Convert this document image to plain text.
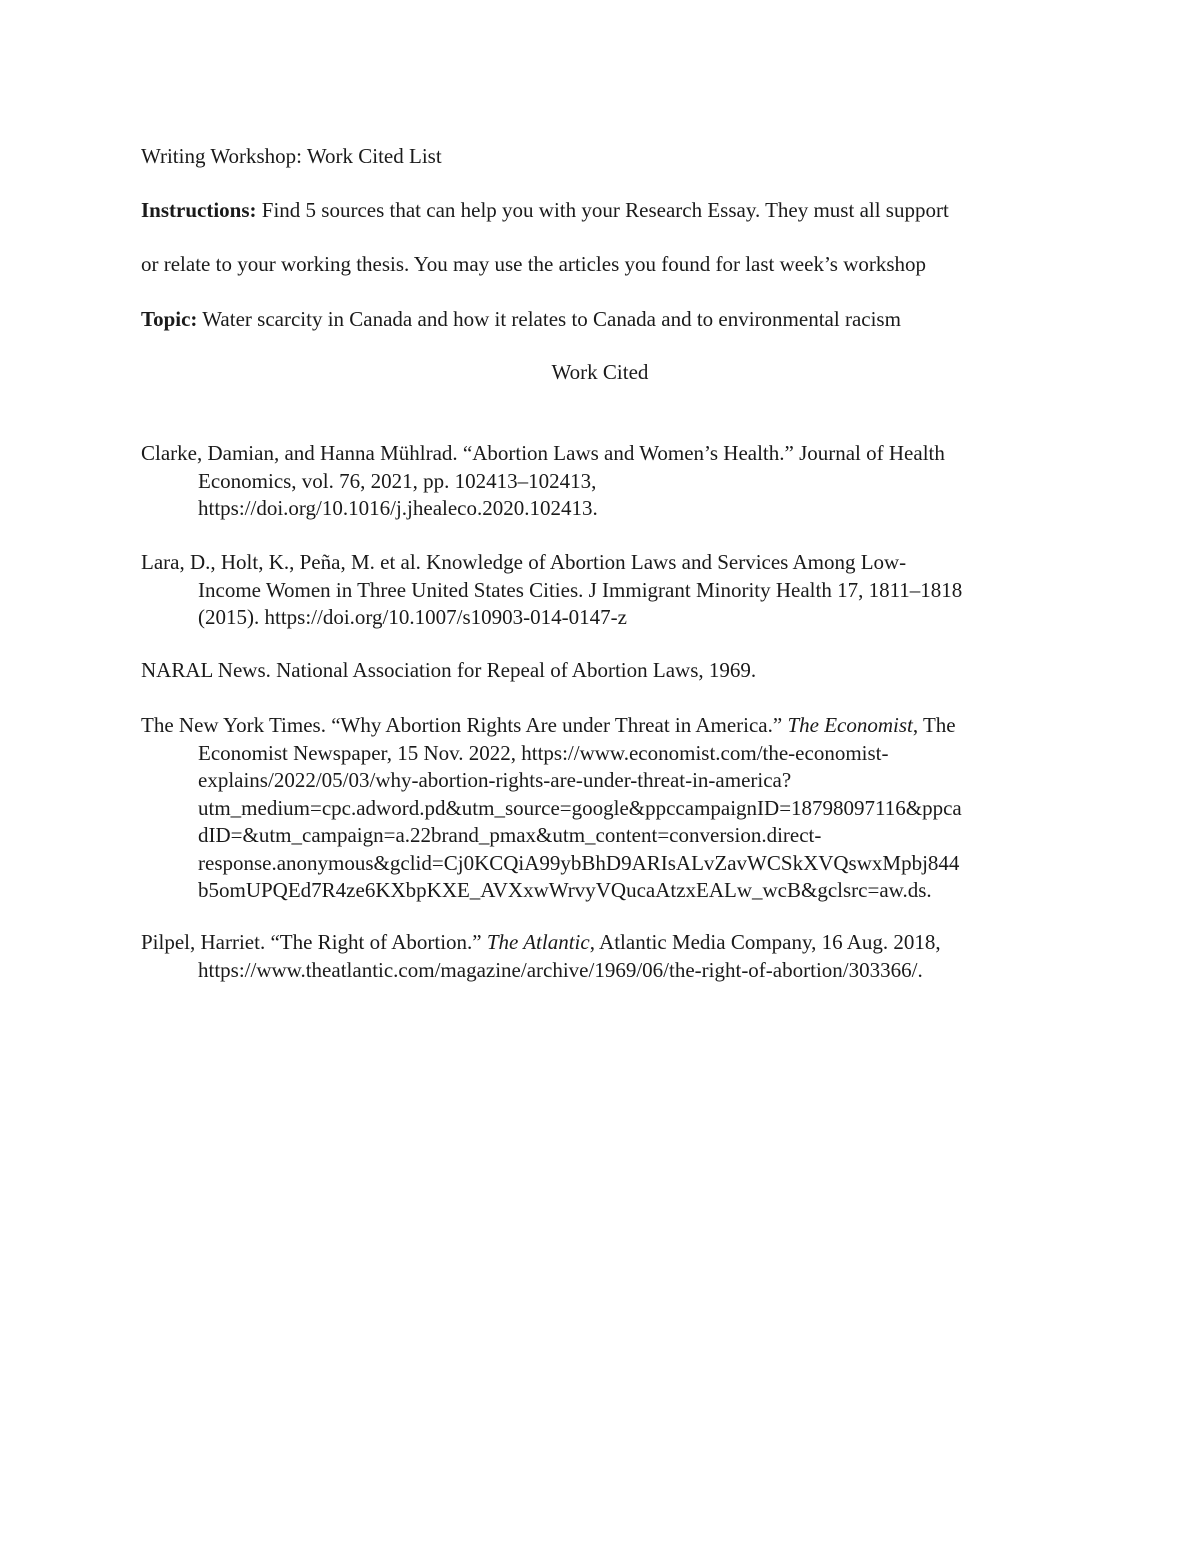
Writing Workshop: Work Cited List
Instructions: Find 5 sources that can help you with your Research Essay. They must all support
or relate to your working thesis. You may use the articles you found for last week’s workshop
Topic: Water scarcity in Canada and how it relates to Canada and to environmental racism
Work Cited
Clarke, Damian, and Hanna Mühlrad. “Abortion Laws and Women’s Health.” Journal of Health
Economics, vol. 76, 2021, pp. 102413–102413,
https://doi.org/10.1016/j.jhealeco.2020.102413.
Lara, D., Holt, K., Peña, M. et al. Knowledge of Abortion Laws and Services Among Low-
Income Women in Three United States Cities. J Immigrant Minority Health 17, 1811–1818
(2015). https://doi.org/10.1007/s10903-014-0147-z
NARAL News. National Association for Repeal of Abortion Laws, 1969.
The New York Times. “Why Abortion Rights Are under Threat in America.” The Economist, The
Economist Newspaper, 15 Nov. 2022, https://www.economist.com/the-economist-
explains/2022/05/03/why-abortion-rights-are-under-threat-in-america?
utm_medium=cpc.adword.pd&utm_source=google&ppccampaignID=18798097116&ppca
dID=&utm_campaign=a.22brand_pmax&utm_content=conversion.direct-
response.anonymous&gclid=Cj0KCQiA99ybBhD9ARIsALvZavWCSkXVQswxMpbj844
b5omUPQEd7R4ze6KXbpKXE_AVXxwWrvyVQucaAtzxEALw_wcB&gclsrc=aw.ds.
Pilpel, Harriet. “The Right of Abortion.” The Atlantic, Atlantic Media Company, 16 Aug. 2018,
https://www.theatlantic.com/magazine/archive/1969/06/the-right-of-abortion/303366/.
